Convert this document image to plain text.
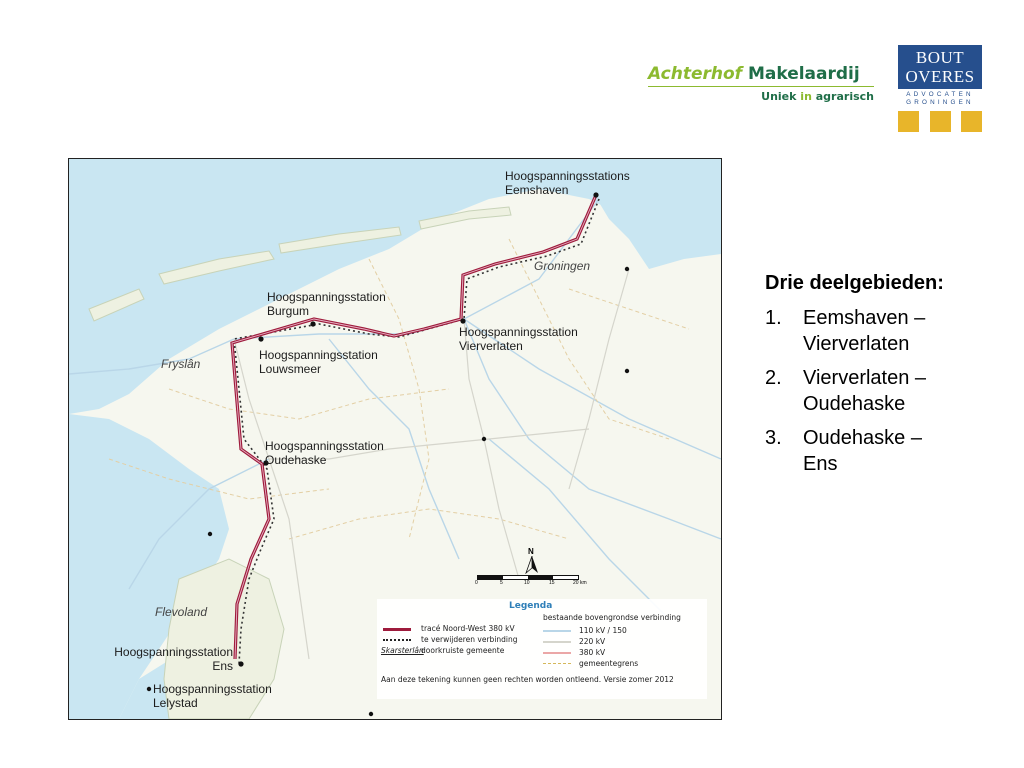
Achterhof Makelaardij
Uniek in agrarisch
BOUT
OVERES
ADVOCATEN
GRONINGEN
Hoogspanningsstations
Eemshaven
Hoogspanningsstation
Burgum
Hoogspanningsstation
Vierverlaten
Hoogspanningsstation
Louwsmeer
Hoogspanningsstation
Oudehaske
Hoogspanningsstation
Ens
Hoogspanningsstation
Lelystad
Groningen
Fryslân
Flevoland
N
0	5	10	15	20 km
Legenda
bestaande bovengrondse verbinding
tracé Noord-West 380 kV
te verwijderen verbinding
Skarsterlân
doorkruiste gemeente
110 kV / 150
220 kV
380 kV
gemeentegrens
Aan deze tekening kunnen geen rechten worden ontleend. Versie zomer 2012
Drie deelgebieden:
1. Eemshaven –
Vierverlaten
2. Vierverlaten –
Oudehaske
3. Oudehaske –
Ens
